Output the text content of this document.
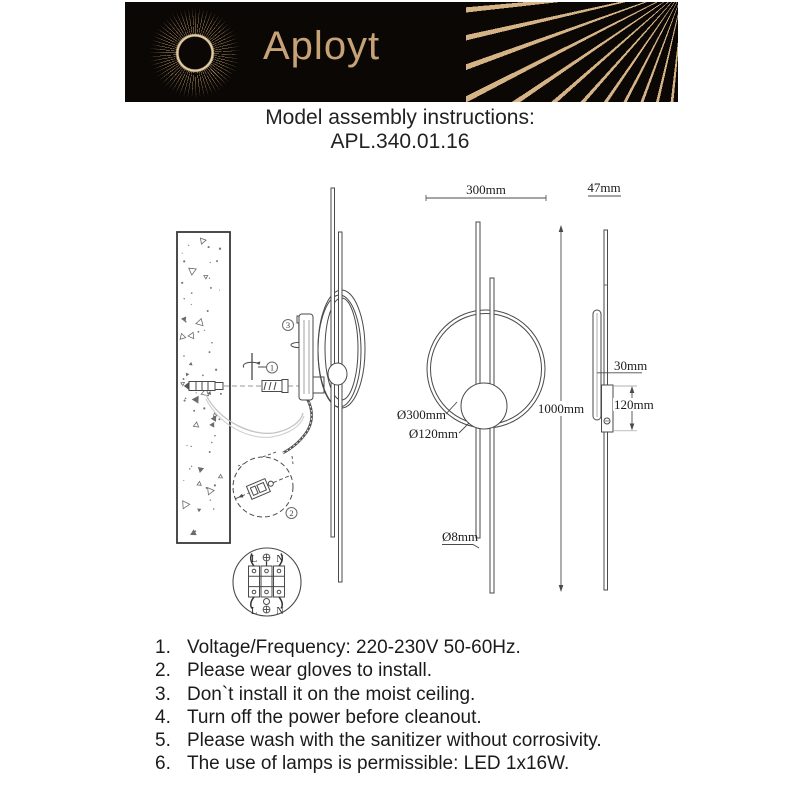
Aployt
Model assembly instructions:
APL.340.01.16
1
3
2
L N
L N
300mm
Ø300mm
Ø120mm
1000mm
Ø8mm
47mm
30mm
120mm
1. Voltage/Frequency: 220-230V 50-60Hz.
2. Please wear gloves to install.
3. Don`t install it on the moist ceiling.
4. Turn off the power before cleanout.
5. Please wash with the sanitizer without corrosivity.
6. The use of lamps is permissible: LED 1x16W.
